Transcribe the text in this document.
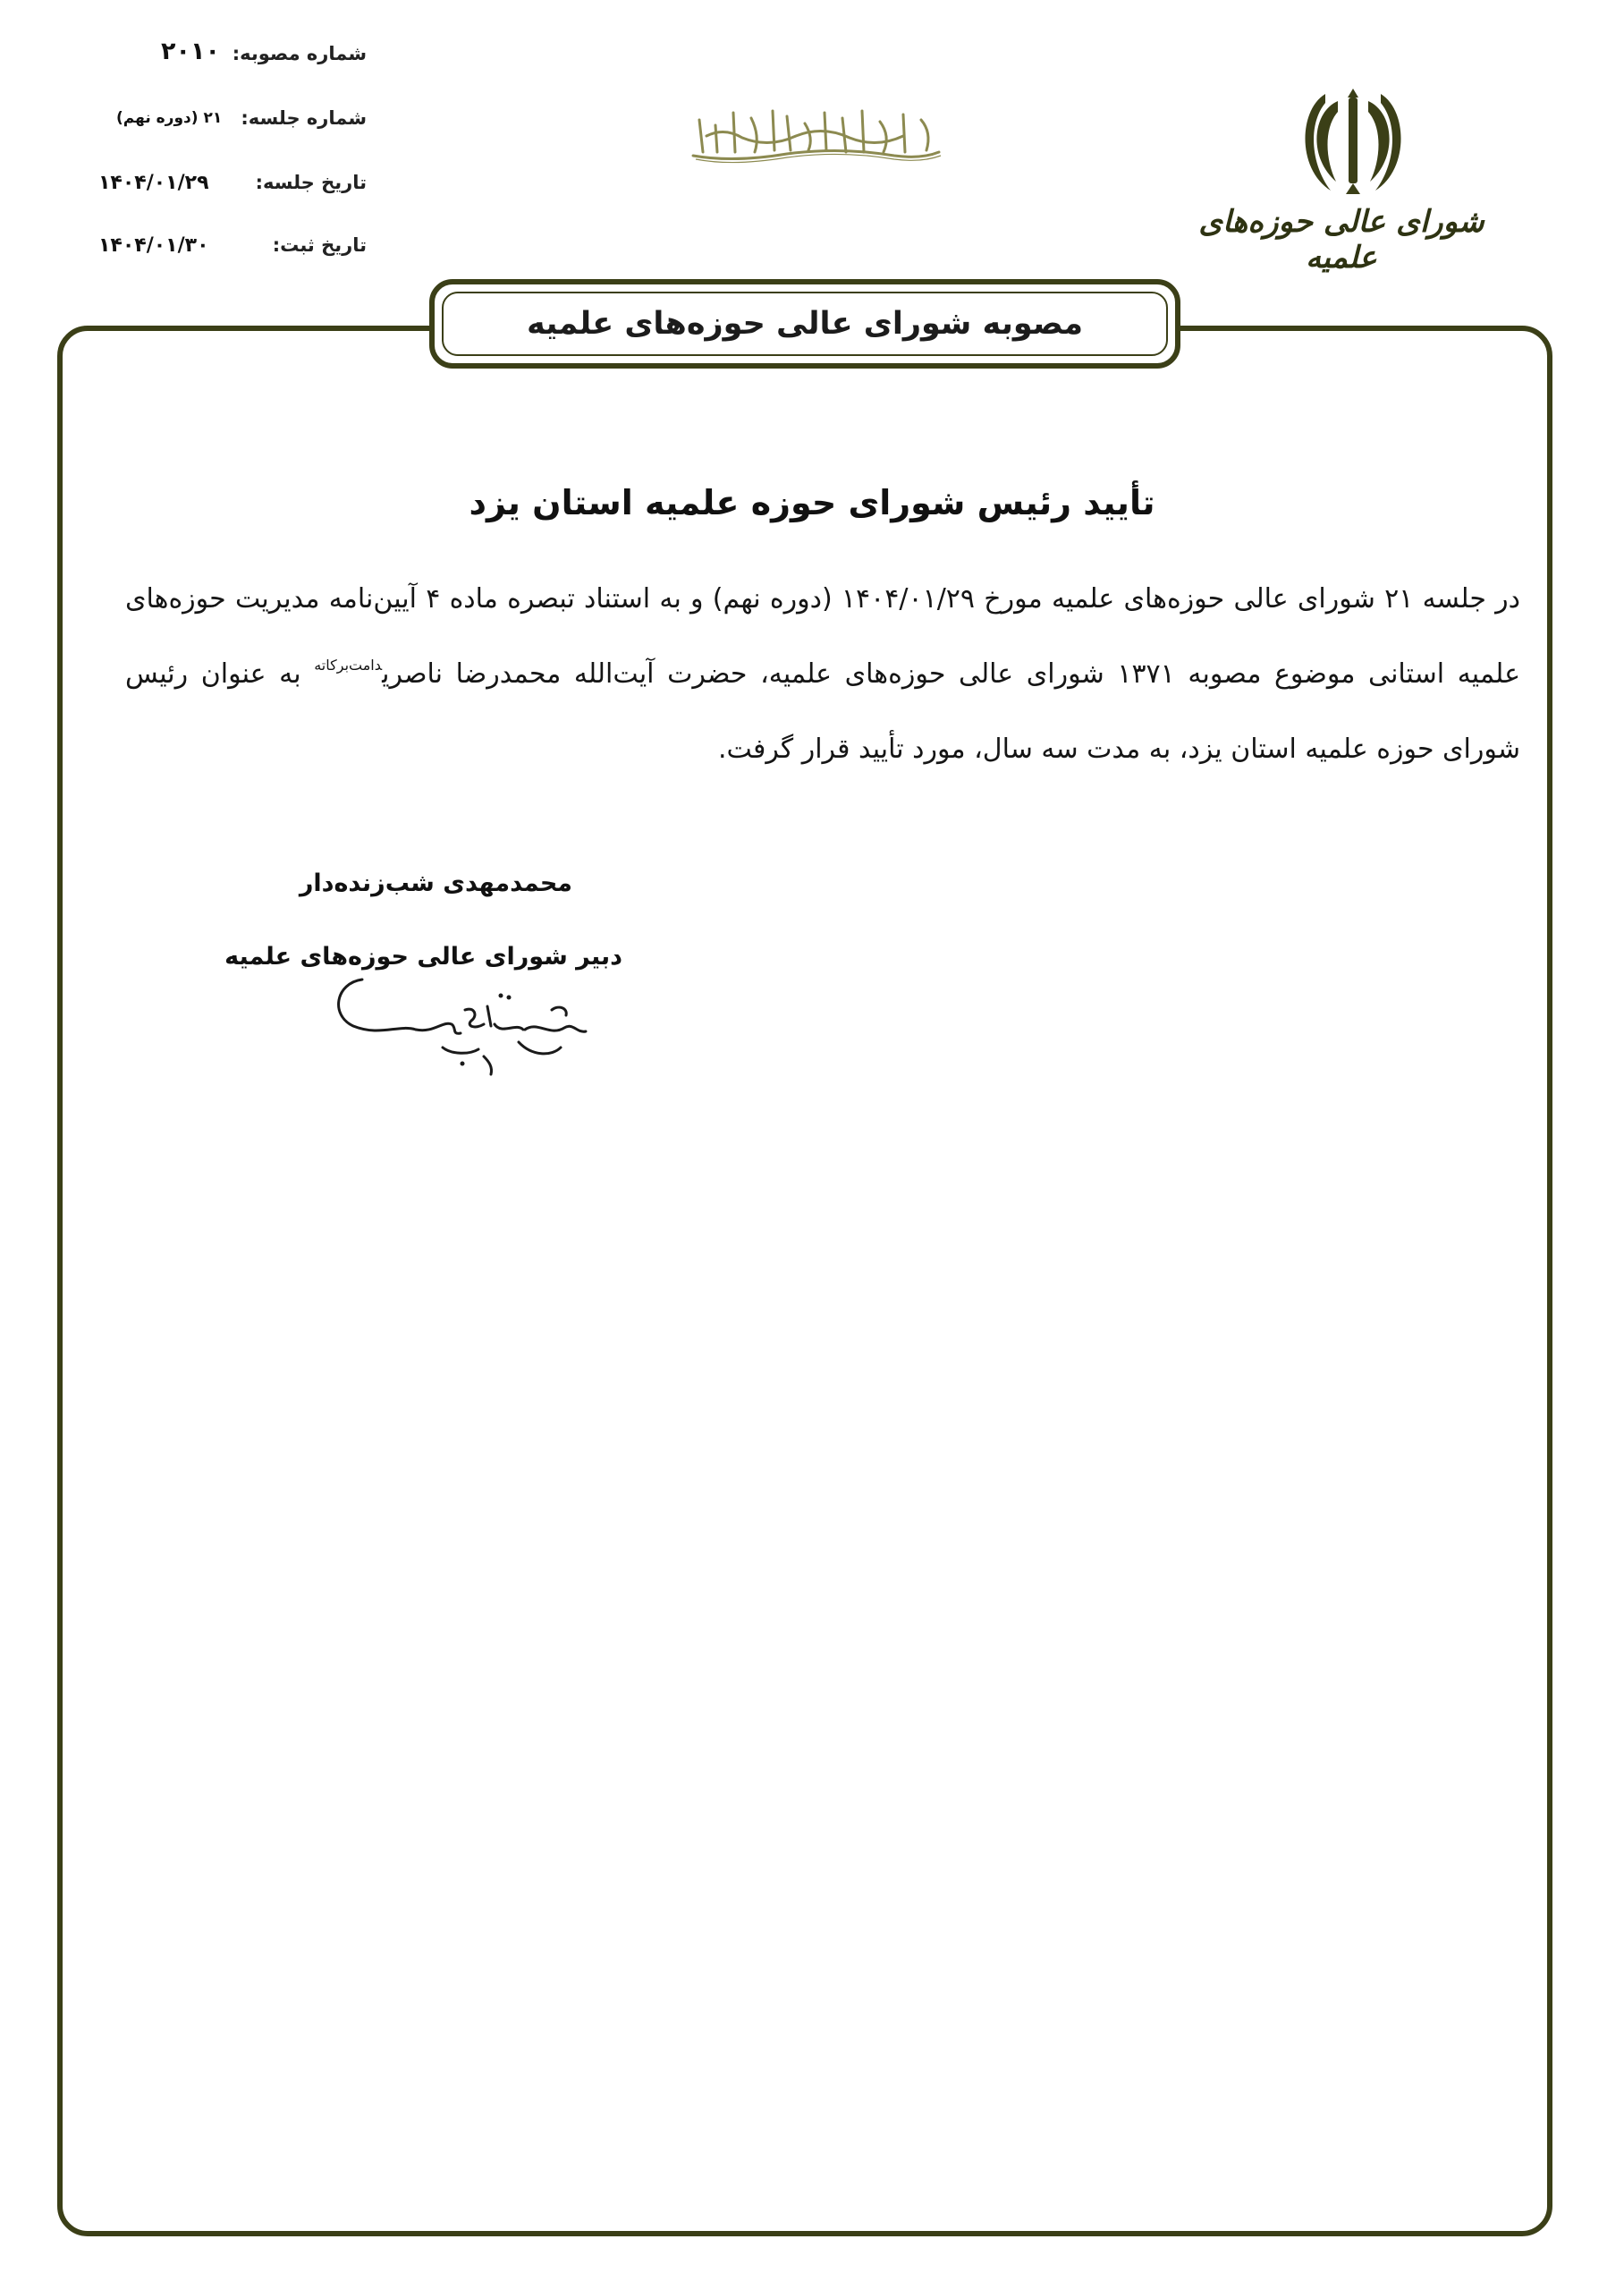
شماره مصوبه:
۲۰۱۰
شماره جلسه:
۲۱ (دوره نهم)
تاریخ جلسه:
۱۴۰۴/۰۱/۲۹
تاریخ ثبت:
۱۴۰۴/۰۱/۳۰
شورای عالی حوزه‌های علمیه
مصوبه شورای عالی حوزه‌های علمیه
تأیید رئیس شورای حوزه علمیه استان یزد
در جلسه ۲۱ شورای عالی حوزه‌های علمیه مورخ ۱۴۰۴/۰۱/۲۹ (دوره نهم) و به استناد تبصره ماده ۴ آیین‌نامه مدیریت حوزه‌های علمیه استانی موضوع مصوبه ۱۳۷۱ شورای عالی حوزه‌های علمیه، حضرت آیت‌الله محمدرضا ناصری$^{دامت‌برکاته}$ به عنوان رئیس شورای حوزه علمیه استان یزد، به مدت سه سال، مورد تأیید قرار گرفت.
محمدمهدی شب‌زنده‌دار
دبیر شورای عالی حوزه‌های علمیه
